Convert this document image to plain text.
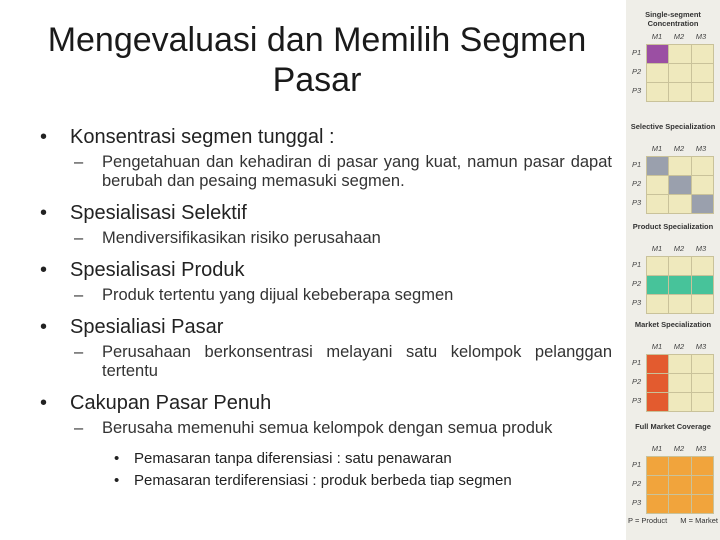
Mengevaluasi dan Memilih Segmen
Pasar
• Konsentrasi segmen tunggal :
– Pengetahuan dan kehadiran di pasar yang kuat, namun pasar dapat berubah dan pesaing memasuki segmen.
• Spesialisasi Selektif
– Mendiversifikasikan risiko perusahaan
• Spesialisasi Produk
– Produk tertentu yang dijual kebeberapa segmen
• Spesialiasi Pasar
– Perusahaan berkonsentrasi melayani satu kelompok pelanggan tertentu
• Cakupan Pasar Penuh
– Berusaha memenuhi semua kelompok dengan semua produk
• Pemasaran tanpa diferensiasi : satu penawaran
• Pemasaran terdiferensiasi : produk berbeda tiap segmen
P = Product M = Market
Single-segment Concentration
M1	M2	M3
P1
P2
P3
Selective Specialization
M1	M2	M3
P1
P2
P3
Product Specialization
M1	M2	M3
P1
P2
P3
Market Specialization
M1	M2	M3
P1
P2
P3
Full Market Coverage
M1	M2	M3
P1
P2
P3
